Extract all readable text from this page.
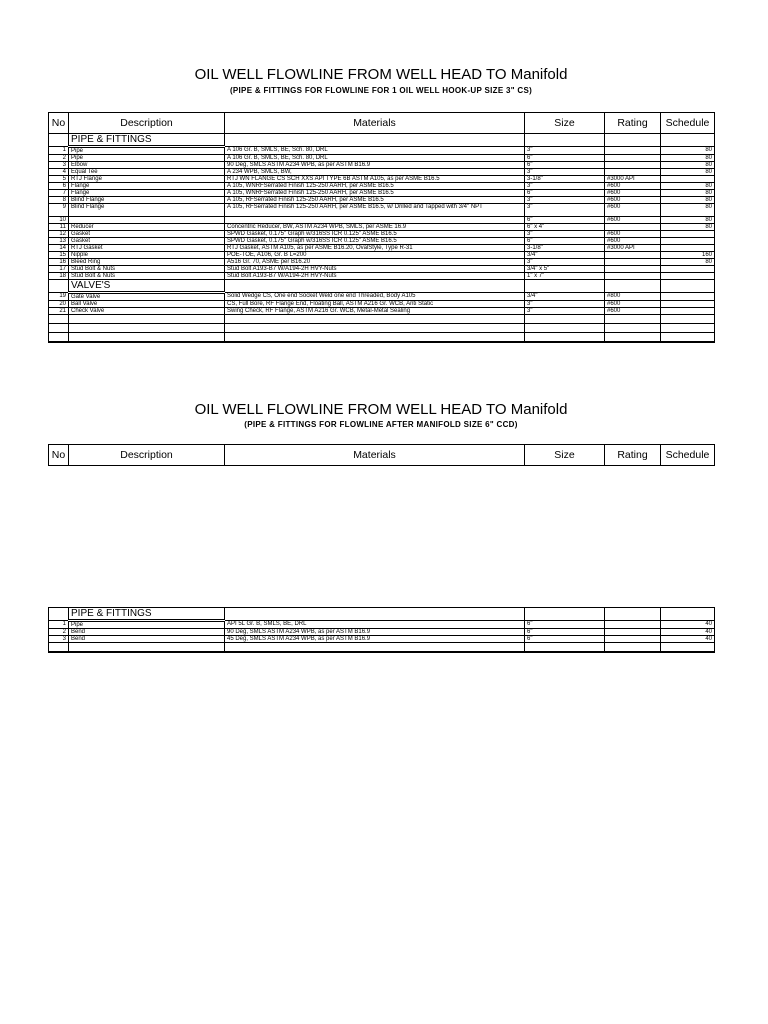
OIL WELL FLOWLINE FROM WELL HEAD TO Manifold
(PIPE & FITTINGS FOR FLOWLINE FOR 1 OIL WELL HOOK-UP SIZE 3" CS)
No	Description	Materials	Size	Rating	Schedule
	PIPE & FITTINGS				
1	Pipe	A 106 Gr. B, SMLS, BE, Sch. 80, DRL	3"		80
2	Pipe	A 106 Gr. B, SMLS, BE, Sch. 80, DRL	6"		80
3	Elbow	90 Deg, SMLS ASTM A234 WPB, as per ASTM B16.9	6"		80
4	Equal Tee	A 234 WPB, SMLS, BW,	3"		80
5	RTJ Flange	RTJ WN FLANGE CS SCH XXS API TYPE 6B ASTM A105, as per ASME B16.5	3-1/8"	#3000 API	
6	Flange	A 105, WNRFSerrated Finish 125-250 AARH, per ASME B16.5	3"	#600	80
7	Flange	A 105, WNRFSerrated Finish 125-250 AARH, per ASME B16.5	6"	#600	80
8	Blind Flange	A 105, RFSerrated Finish 125-250 AARH, per ASME B16.5	3"	#600	80
9	Blind Flange	A 105, RFSerrated Finish 125-250 AARH, per ASME B16.5, w/ Drilled and Tapped with 3/4" NPT	3"	#600	80
10			6"	#600	80
11	Reducer	Concentric Reducer, BW, ASTM A234 WPB, SMLS, per ASME 16.9	6" x 4"		80
12	Gasket	SPWD Gasket, 0.175" Graph w/316SS ICR 0.125" ASME B16.5	3"	#600	
13	Gasket	SPWD Gasket, 0.175" Graph w/316SS ICR 0.125" ASME B16.5	6"	#600	
14	RTJ Gasket	RTJ Gasket, ASTM A105, as per ASME B16.20, OvalStyle, Type R-31	3-1/8"	#3000 API	
15	Nipple	POE-TOE, A106, Gr. B L=200	3/4"		160
16	Bleed Ring	A516 Gr. 70, ASME per B16.20	3"		80
17	Stud Bolt & Nuts	Stud Bolt A193-B7 W/A194-2H HVY-Nuts	3/4" x 5"		
18	Stud Bolt & Nuts	Stud Bolt A193-B7 W/A194-2H HVY-Nuts	1" x 7"		
	VALVE'S				
19	Gate Valve	Solid Wedge CS, One end Socket Weld one end Threaded, Body A105	3/4"	#800	
20	Ball Valve	CS, Full Bore, RF Flange End, Floating Ball, ASTM A216 Gr. WCB, Anti Static	3"	#600	
21	Check Valve	Swing Check, RF Flange, ASTM A216 Gr. WCB, Metal-Metal Sealing	3"	#600	

OIL WELL FLOWLINE FROM WELL HEAD TO Manifold
(PIPE & FITTINGS FOR FLOWLINE AFTER MANIFOLD SIZE 6" CCD)
No	Description	Materials	Size	Rating	Schedule
	PIPE & FITTINGS				
1	Pipe	API 5L Gr. B, SMLS, BE, DRL	6"		40
2	Bend	90 Deg, SMLS ASTM A234 WPB, as per ASTM B16.9	6"		40
3	Bend	45 Deg, SMLS ASTM A234 WPB, as per ASTM B16.9	6"		40
